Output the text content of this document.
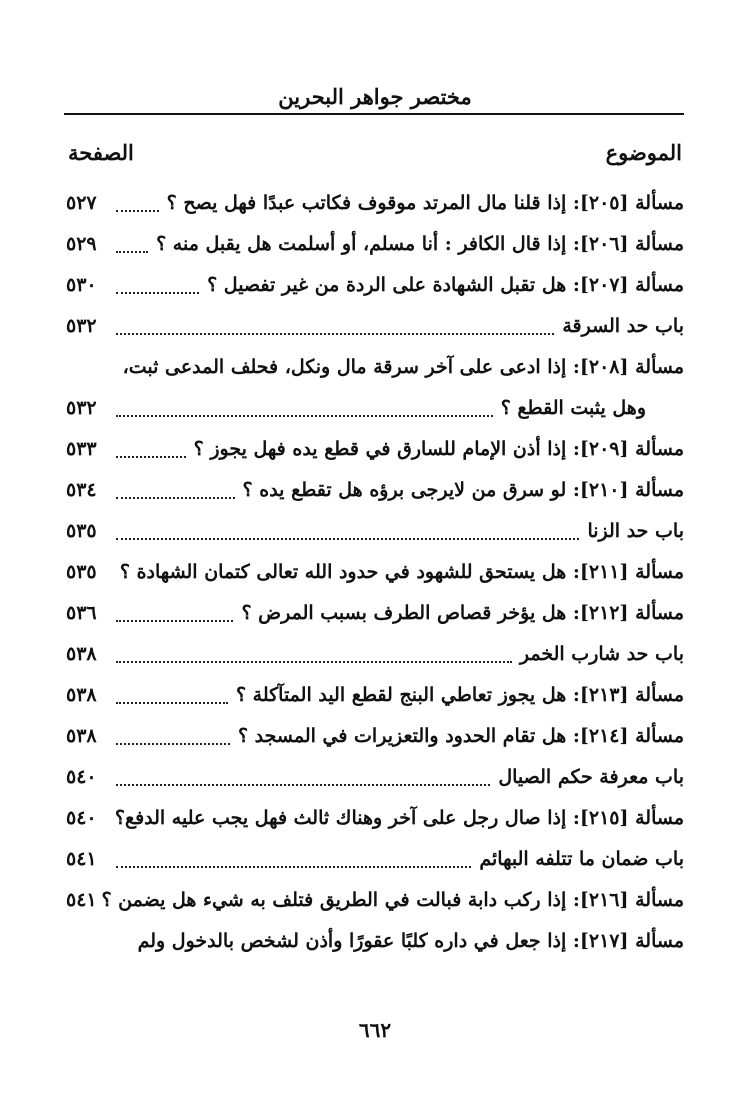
مختصر جواهر البحرين
الموضوع
الصفحة
مسألة [٢٠٥]: إذا قلنا مال المرتد موقوف فكاتب عبدًا فهل يصح ؟
٥٢٧
مسألة [٢٠٦]: إذا قال الكافر : أنا مسلم، أو أسلمت هل يقبل منه ؟
٥٢٩
مسألة [٢٠٧]: هل تقبل الشهادة على الردة من غير تفصيل ؟
٥٣٠
باب حد السرقة
٥٣٢
مسألة [٢٠٨]: إذا ادعى على آخر سرقة مال ونكل، فحلف المدعى ثبت،
وهل يثبت القطع ؟
٥٣٢
مسألة [٢٠٩]: إذا أذن الإمام للسارق في قطع يده فهل يجوز ؟
٥٣٣
مسألة [٢١٠]: لو سرق من لايرجى برؤه هل تقطع يده ؟
٥٣٤
باب حد الزنا
٥٣٥
مسألة [٢١١]: هل يستحق للشهود في حدود الله تعالى كتمان الشهادة ؟
٥٣٥
مسألة [٢١٢]: هل يؤخر قصاص الطرف بسبب المرض ؟
٥٣٦
باب حد شارب الخمر
٥٣٨
مسألة [٢١٣]: هل يجوز تعاطي البنج لقطع اليد المتآكلة ؟
٥٣٨
مسألة [٢١٤]: هل تقام الحدود والتعزيرات في المسجد ؟
٥٣٨
باب معرفة حكم الصيال
٥٤٠
مسألة [٢١٥]: إذا صال رجل على آخر وهناك ثالث فهل يجب عليه الدفع؟
٥٤٠
باب ضمان ما تتلفه البهائم
٥٤١
مسألة [٢١٦]: إذا ركب دابة فبالت في الطريق فتلف به شيء هل يضمن ؟
٥٤١
مسألة [٢١٧]: إذا جعل في داره كلبًا عقورًا وأذن لشخص بالدخول ولم
٦٦٢
